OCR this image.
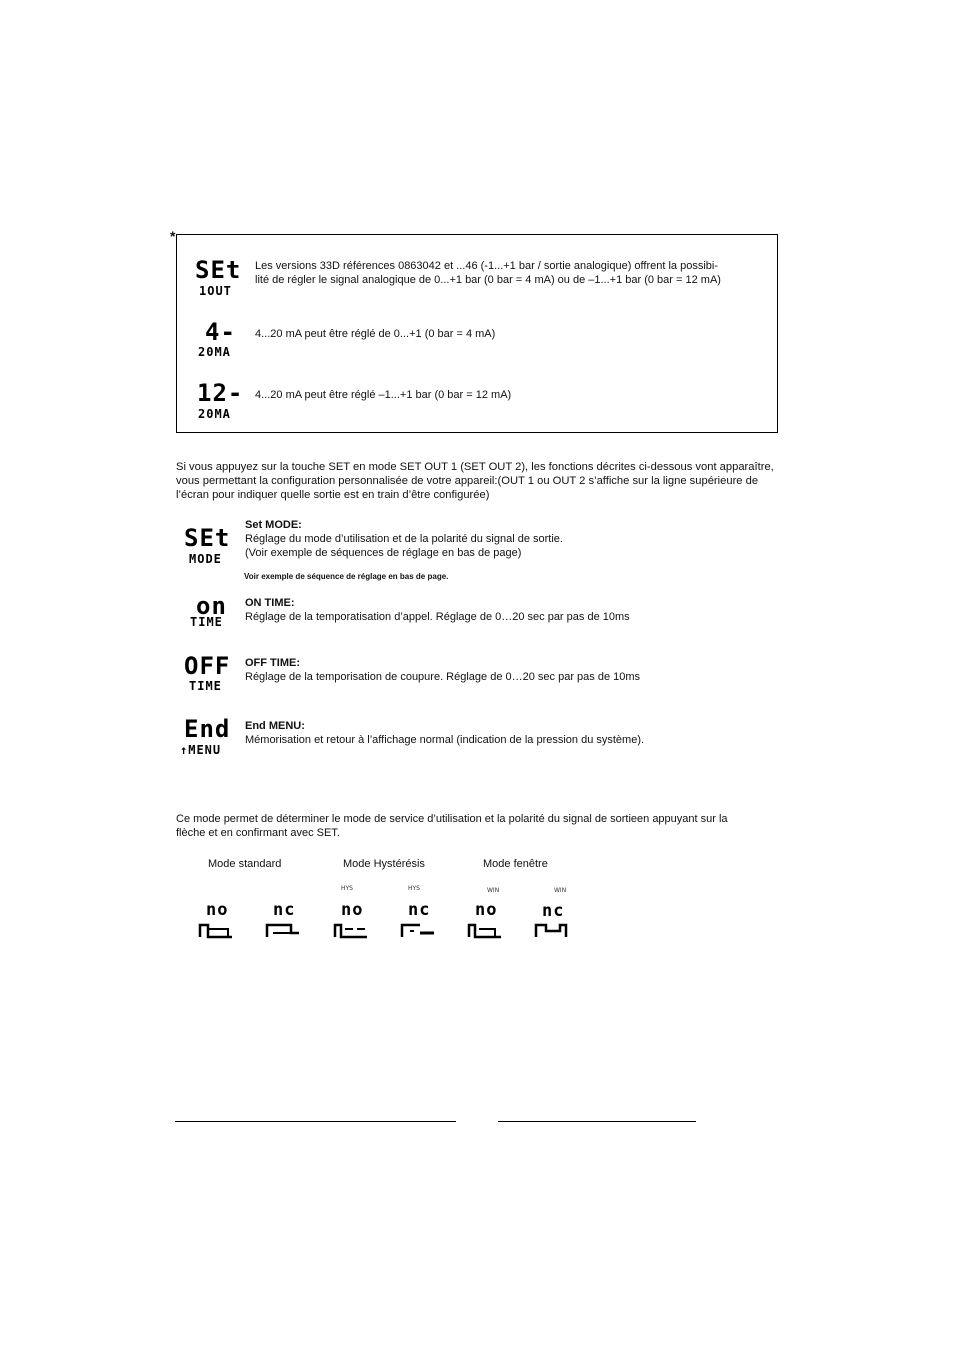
*
SEt
1OUT
Les versions 33D références 0863042 et ...46 (-1...+1 bar / sortie analogique) offrent la possibi-
lité de régler le signal analogique de 0...+1 bar (0 bar = 4 mA) ou de –1...+1 bar (0 bar = 12 mA)
4-
20MA
4...20 mA peut être réglé de 0...+1 (0 bar = 4 mA)
12-
20MA
4...20 mA peut être réglé –1...+1 bar (0 bar = 12 mA)
Si vous appuyez sur la touche SET en mode SET OUT 1 (SET OUT 2), les fonctions décrites ci-dessous vont apparaître,
vous permettant la configuration personnalisée de votre appareil:(OUT 1 ou OUT 2 s’affiche sur la ligne supérieure de
l’écran pour indiquer quelle sortie est en train d’être configurée)
SEt
MODE
Set MODE:
Réglage du mode d’utilisation et de la polarité du signal de sortie.
(Voir exemple de séquences de réglage en bas de page)
Voir exemple de séquence de réglage en bas de page.
on
TIME
ON TIME:
Réglage de la temporatisation d’appel. Réglage de 0…20 sec par pas de 10ms
OFF
TIME
OFF TIME:
Réglage de la temporisation de coupure. Réglage de 0…20 sec par pas de 10ms
End
↑MENU
End MENU:
Mémorisation et retour à l’affichage normal (indication de la pression du système).
Ce mode permet de déterminer le mode de service d’utilisation et la polarité du signal de sortieen appuyant sur la
flèche et en confirmant avec SET.
Mode standard	Mode Hystérésis	Mode fenêtre
HYS	HYS	WIN	WIN
no	nc	no	nc	no	nc
